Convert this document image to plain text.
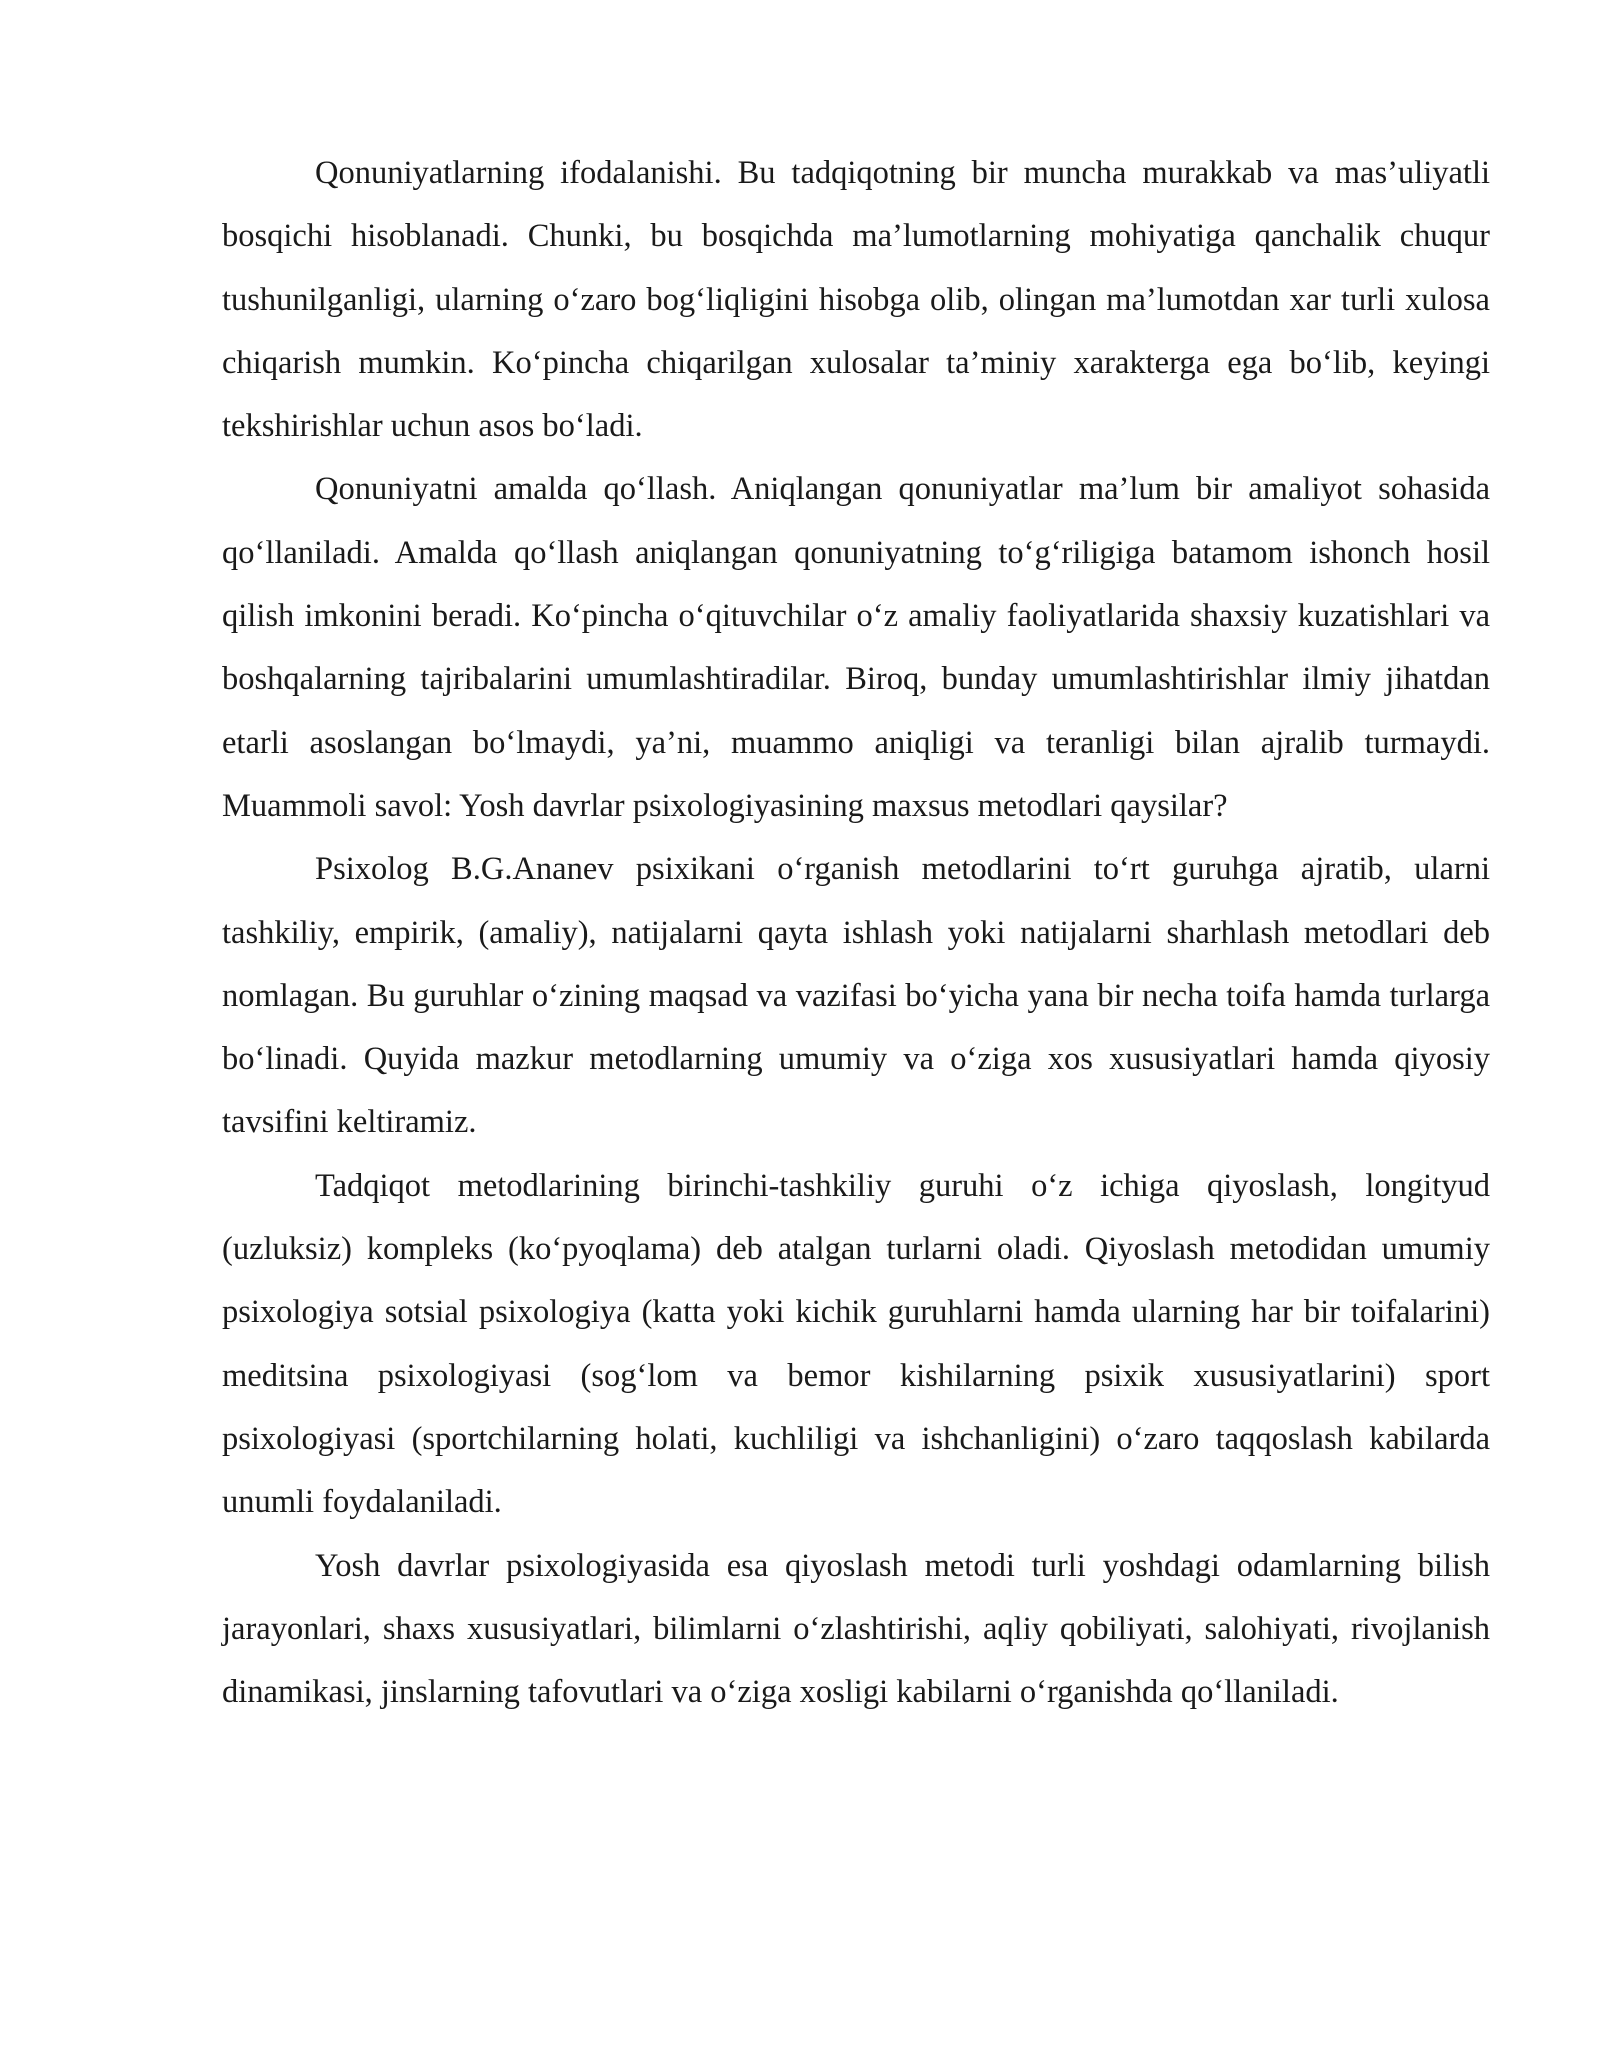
Qonuniyatlarning ifodalanishi. Bu tadqiqotning bir muncha murakkab va mas’uliyatli bosqichi hisoblanadi. Chunki, bu bosqichda ma’lumotlarning mohiyatiga qanchalik chuqur tushunilganligi, ularning o‘zaro bog‘liqligini hisobga olib, olingan ma’lumotdan xar turli xulosa chiqarish mumkin. Ko‘pincha chiqarilgan xulosalar ta’miniy xarakterga ega bo‘lib, keyingi tekshirishlar uchun asos bo‘ladi.

Qonuniyatni amalda qo‘llash. Aniqlangan qonuniyatlar ma’lum bir amaliyot sohasida qo‘llaniladi. Amalda qo‘llash aniqlangan qonuniyatning to‘g‘riligiga batamom ishonch hosil qilish imkonini beradi. Ko‘pincha o‘qituvchilar o‘z amaliy faoliyatlarida shaxsiy kuzatishlari va boshqalarning tajribalarini umumlashtiradilar. Biroq, bunday umumlashtirishlar ilmiy jihatdan etarli asoslangan bo‘lmaydi, ya’ni, muammo aniqligi va teranligi bilan ajralib turmaydi. Muammoli savol: Yosh davrlar psixologiyasining maxsus metodlari qaysilar?

Psixolog B.G.Ananev psixikani o‘rganish metodlarini to‘rt guruhga ajratib, ularni tashkiliy, empirik, (amaliy), natijalarni qayta ishlash yoki natijalarni sharhlash metodlari deb nomlagan. Bu guruhlar o‘zining maqsad va vazifasi bo‘yicha yana bir necha toifa hamda turlarga bo‘linadi. Quyida mazkur metodlarning umumiy va o‘ziga xos xususiyatlari hamda qiyosiy tavsifini keltiramiz.

Tadqiqot metodlarining birinchi-tashkiliy guruhi o‘z ichiga qiyoslash, longityud (uzluksiz) kompleks (ko‘pyoqlama) deb atalgan turlarni oladi. Qiyoslash metodidan umumiy psixologiya sotsial psixologiya (katta yoki kichik guruhlarni hamda ularning har bir toifalarini) meditsina psixologiyasi (sog‘lom va bemor kishilarning psixik xususiyatlarini) sport psixologiyasi (sportchilarning holati, kuchliligi va ishchanligini) o‘zaro taqqoslash kabilarda unumli foydalaniladi.

Yosh davrlar psixologiyasida esa qiyoslash metodi turli yoshdagi odamlarning bilish jarayonlari, shaxs xususiyatlari, bilimlarni o‘zlashtirishi, aqliy qobiliyati, salohiyati, rivojlanish dinamikasi, jinslarning tafovutlari va o‘ziga xosligi kabilarni o‘rganishda qo‘llaniladi.
